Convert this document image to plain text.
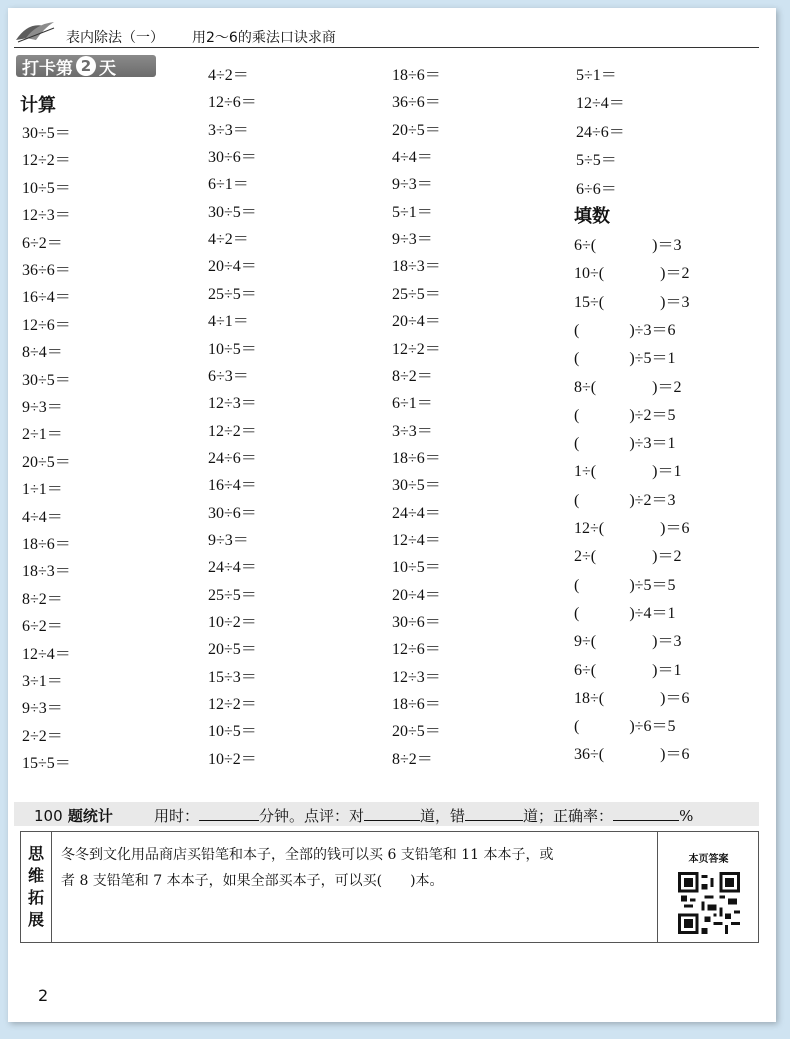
表内除法（一） 用2～6的乘法口诀求商
打卡第 2 天
计算
填数
30÷5＝
12÷2＝
10÷5＝
12÷3＝
6÷2＝
36÷6＝
16÷4＝
12÷6＝
8÷4＝
30÷5＝
9÷3＝
2÷1＝
20÷5＝
1÷1＝
4÷4＝
18÷6＝
18÷3＝
8÷2＝
6÷2＝
12÷4＝
3÷1＝
9÷3＝
2÷2＝
15÷5＝
4÷2＝
12÷6＝
3÷3＝
30÷6＝
6÷1＝
30÷5＝
4÷2＝
20÷4＝
25÷5＝
4÷1＝
10÷5＝
6÷3＝
12÷3＝
12÷2＝
24÷6＝
16÷4＝
30÷6＝
9÷3＝
24÷4＝
25÷5＝
10÷2＝
20÷5＝
15÷3＝
12÷2＝
10÷5＝
10÷2＝
18÷6＝
36÷6＝
20÷5＝
4÷4＝
9÷3＝
5÷1＝
9÷3＝
18÷3＝
25÷5＝
20÷4＝
12÷2＝
8÷2＝
6÷1＝
3÷3＝
18÷6＝
30÷5＝
24÷4＝
12÷4＝
10÷5＝
20÷4＝
30÷6＝
12÷6＝
12÷3＝
18÷6＝
20÷5＝
8÷2＝
5÷1＝
12÷4＝
24÷6＝
5÷5＝
6÷6＝
6÷(	)＝3
10÷(	)＝2
15÷(	)＝3
(	)÷3＝6
(	)÷5＝1
8÷(	)＝2
(	)÷2＝5
(	)÷3＝1
1÷(	)＝1
(	)÷2＝3
12÷(	)＝6
2÷(	)＝2
(	)÷5＝5
(	)÷4＝1
9÷(	)＝3
6÷(	)＝1
18÷(	)＝6
(	)÷6＝5
36÷(	)＝6
100 题统计	用时：	分钟。点评：对	道，错	道；正确率：	%
思
维
拓
展
冬冬到文化用品商店买铅笔和本子，全部的钱可以买 6 支铅笔和 11 本本子，或
者 8 支铅笔和 7 本本子，如果全部买本子，可以买(　　)本。
本页答案
2
